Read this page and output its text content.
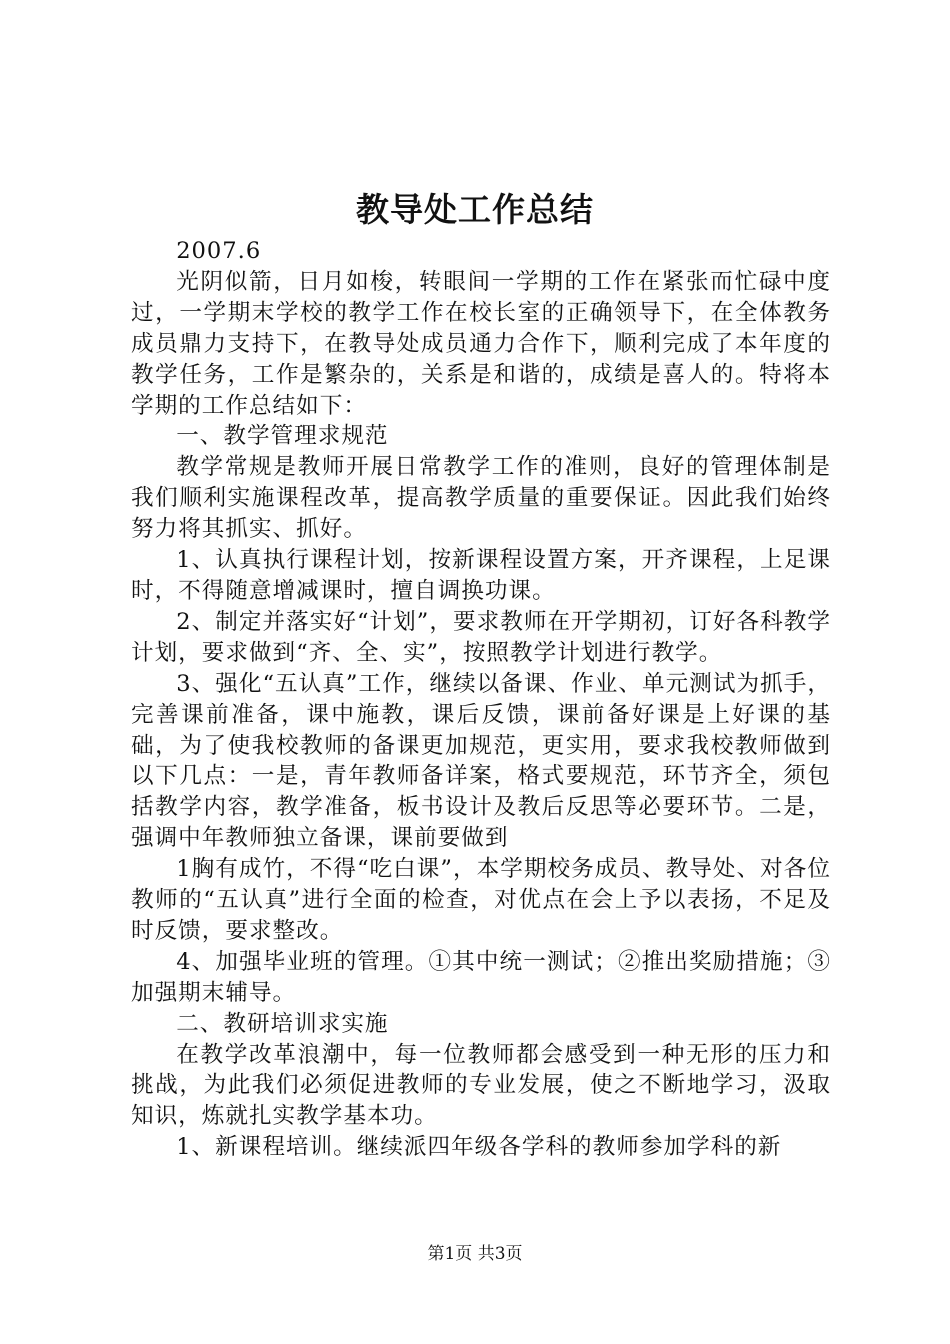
教导处工作总结

2007.6

光阴似箭，日月如梭，转眼间一学期的工作在紧张而忙碌中度过，一学期末学校的教学工作在校长室的正确领导下，在全体教务成员鼎力支持下，在教导处成员通力合作下，顺利完成了本年度的教学任务，工作是繁杂的，关系是和谐的，成绩是喜人的。特将本学期的工作总结如下：

一、教学管理求规范

教学常规是教师开展日常教学工作的准则，良好的管理体制是我们顺利实施课程改革，提高教学质量的重要保证。因此我们始终努力将其抓实、抓好。

1、认真执行课程计划，按新课程设置方案，开齐课程，上足课时，不得随意增减课时，擅自调换功课。

2、制定并落实好“计划”，要求教师在开学期初，订好各科教学计划，要求做到“齐、全、实”，按照教学计划进行教学。

3、强化“五认真”工作，继续以备课、作业、单元测试为抓手，完善课前准备，课中施教，课后反馈，课前备好课是上好课的基础，为了使我校教师的备课更加规范，更实用，要求我校教师做到以下几点：一是，青年教师备详案，格式要规范，环节齐全，须包括教学内容，教学准备，板书设计及教后反思等必要环节。二是，强调中年教师独立备课，课前要做到

1胸有成竹，不得“吃白课”，本学期校务成员、教导处、对各位教师的“五认真”进行全面的检查，对优点在会上予以表扬，不足及时反馈，要求整改。

4、加强毕业班的管理。①其中统一测试；②推出奖励措施；③加强期末辅导。

二、教研培训求实施

在教学改革浪潮中，每一位教师都会感受到一种无形的压力和挑战，为此我们必须促进教师的专业发展，使之不断地学习，汲取知识，炼就扎实教学基本功。

1、新课程培训。继续派四年级各学科的教师参加学科的新

第1页 共3页
